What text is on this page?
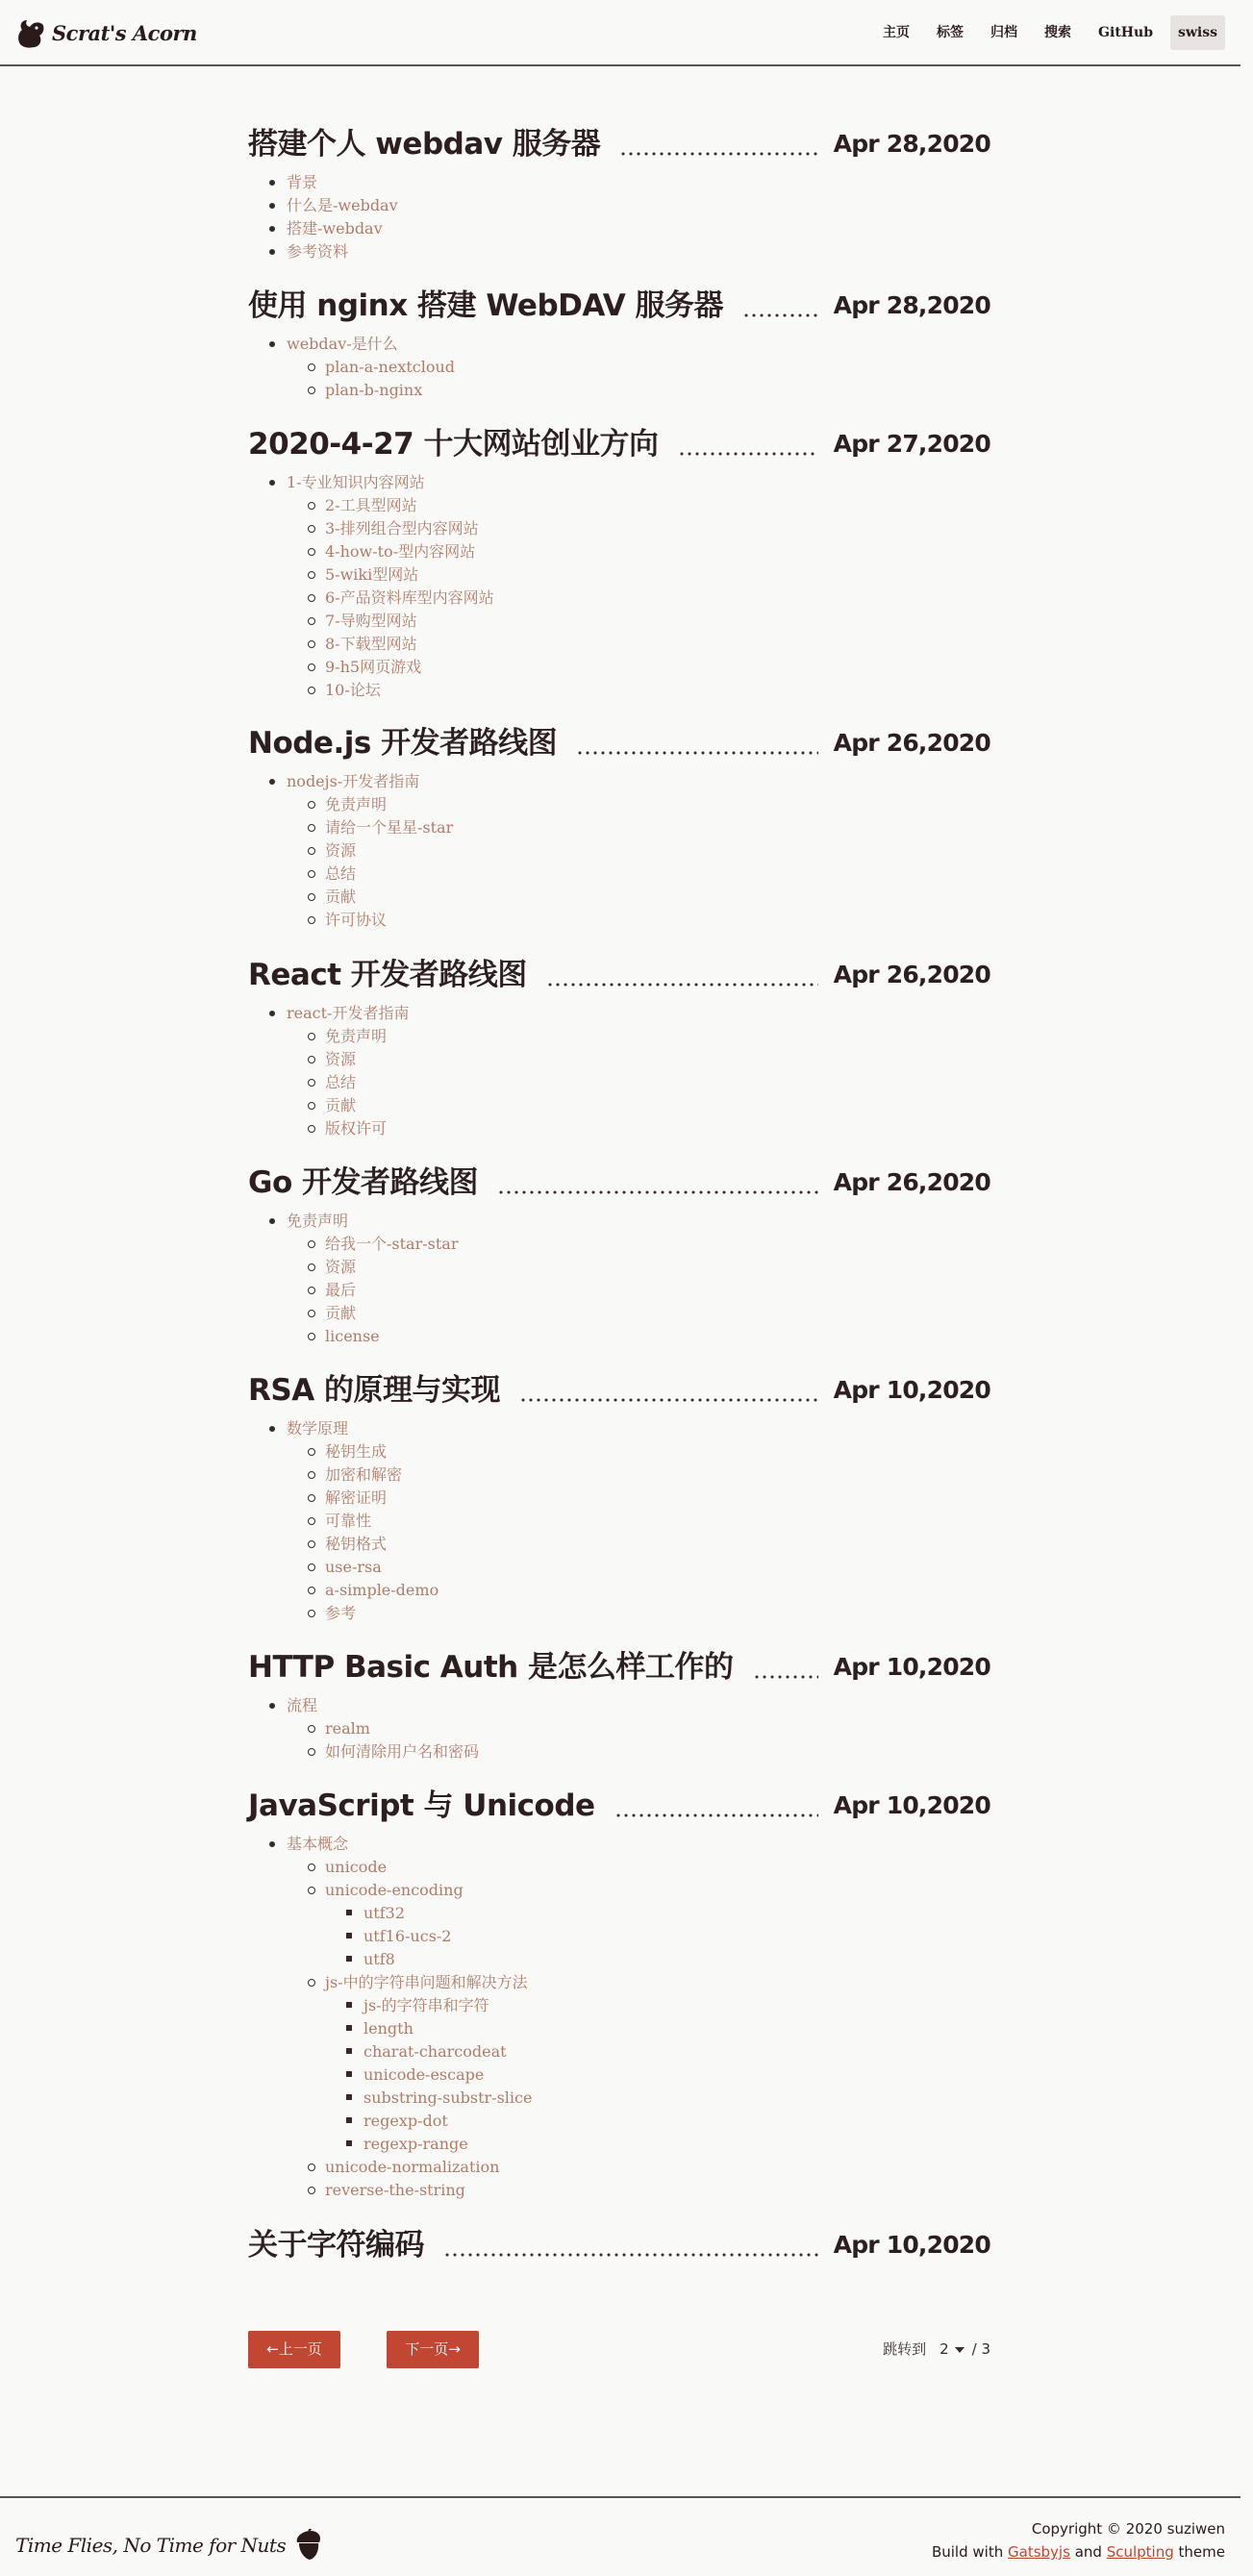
Scrat's Acorn	主页	标签	归档	搜索	GitHub	swiss
搭建个人 webdav 服务器	Apr 28,2020
背景
什么是-webdav
搭建-webdav
参考资料
使用 nginx 搭建 WebDAV 服务器	Apr 28,2020
webdav-是什么
plan-a-nextcloud
plan-b-nginx
2020-4-27 十大网站创业方向	Apr 27,2020
1-专业知识内容网站
2-工具型网站
3-排列组合型内容网站
4-how-to-型内容网站
5-wiki型网站
6-产品资料库型内容网站
7-导购型网站
8-下载型网站
9-h5网页游戏
10-论坛
Node.js 开发者路线图	Apr 26,2020
nodejs-开发者指南
免责声明
请给一个星星-star
资源
总结
贡献
许可协议
React 开发者路线图	Apr 26,2020
react-开发者指南
免责声明
资源
总结
贡献
版权许可
Go 开发者路线图	Apr 26,2020
免责声明
给我一个-star-star
资源
最后
贡献
license
RSA 的原理与实现	Apr 10,2020
数学原理
秘钥生成
加密和解密
解密证明
可靠性
秘钥格式
use-rsa
a-simple-demo
参考
HTTP Basic Auth 是怎么样工作的	Apr 10,2020
流程
realm
如何清除用户名和密码
JavaScript 与 Unicode	Apr 10,2020
基本概念
unicode
unicode-encoding
utf32
utf16-ucs-2
utf8
js-中的字符串问题和解决方法
js-的字符串和字符
length
charat-charcodeat
unicode-escape
substring-substr-slice
regexp-dot
regexp-range
unicode-normalization
reverse-the-string
关于字符编码	Apr 10,2020
←上一页	下一页→	跳转到 2 / 3
Time Flies, No Time for Nuts
Copyright © 2020 suziwen
Build with Gatsbyjs and Sculpting theme
